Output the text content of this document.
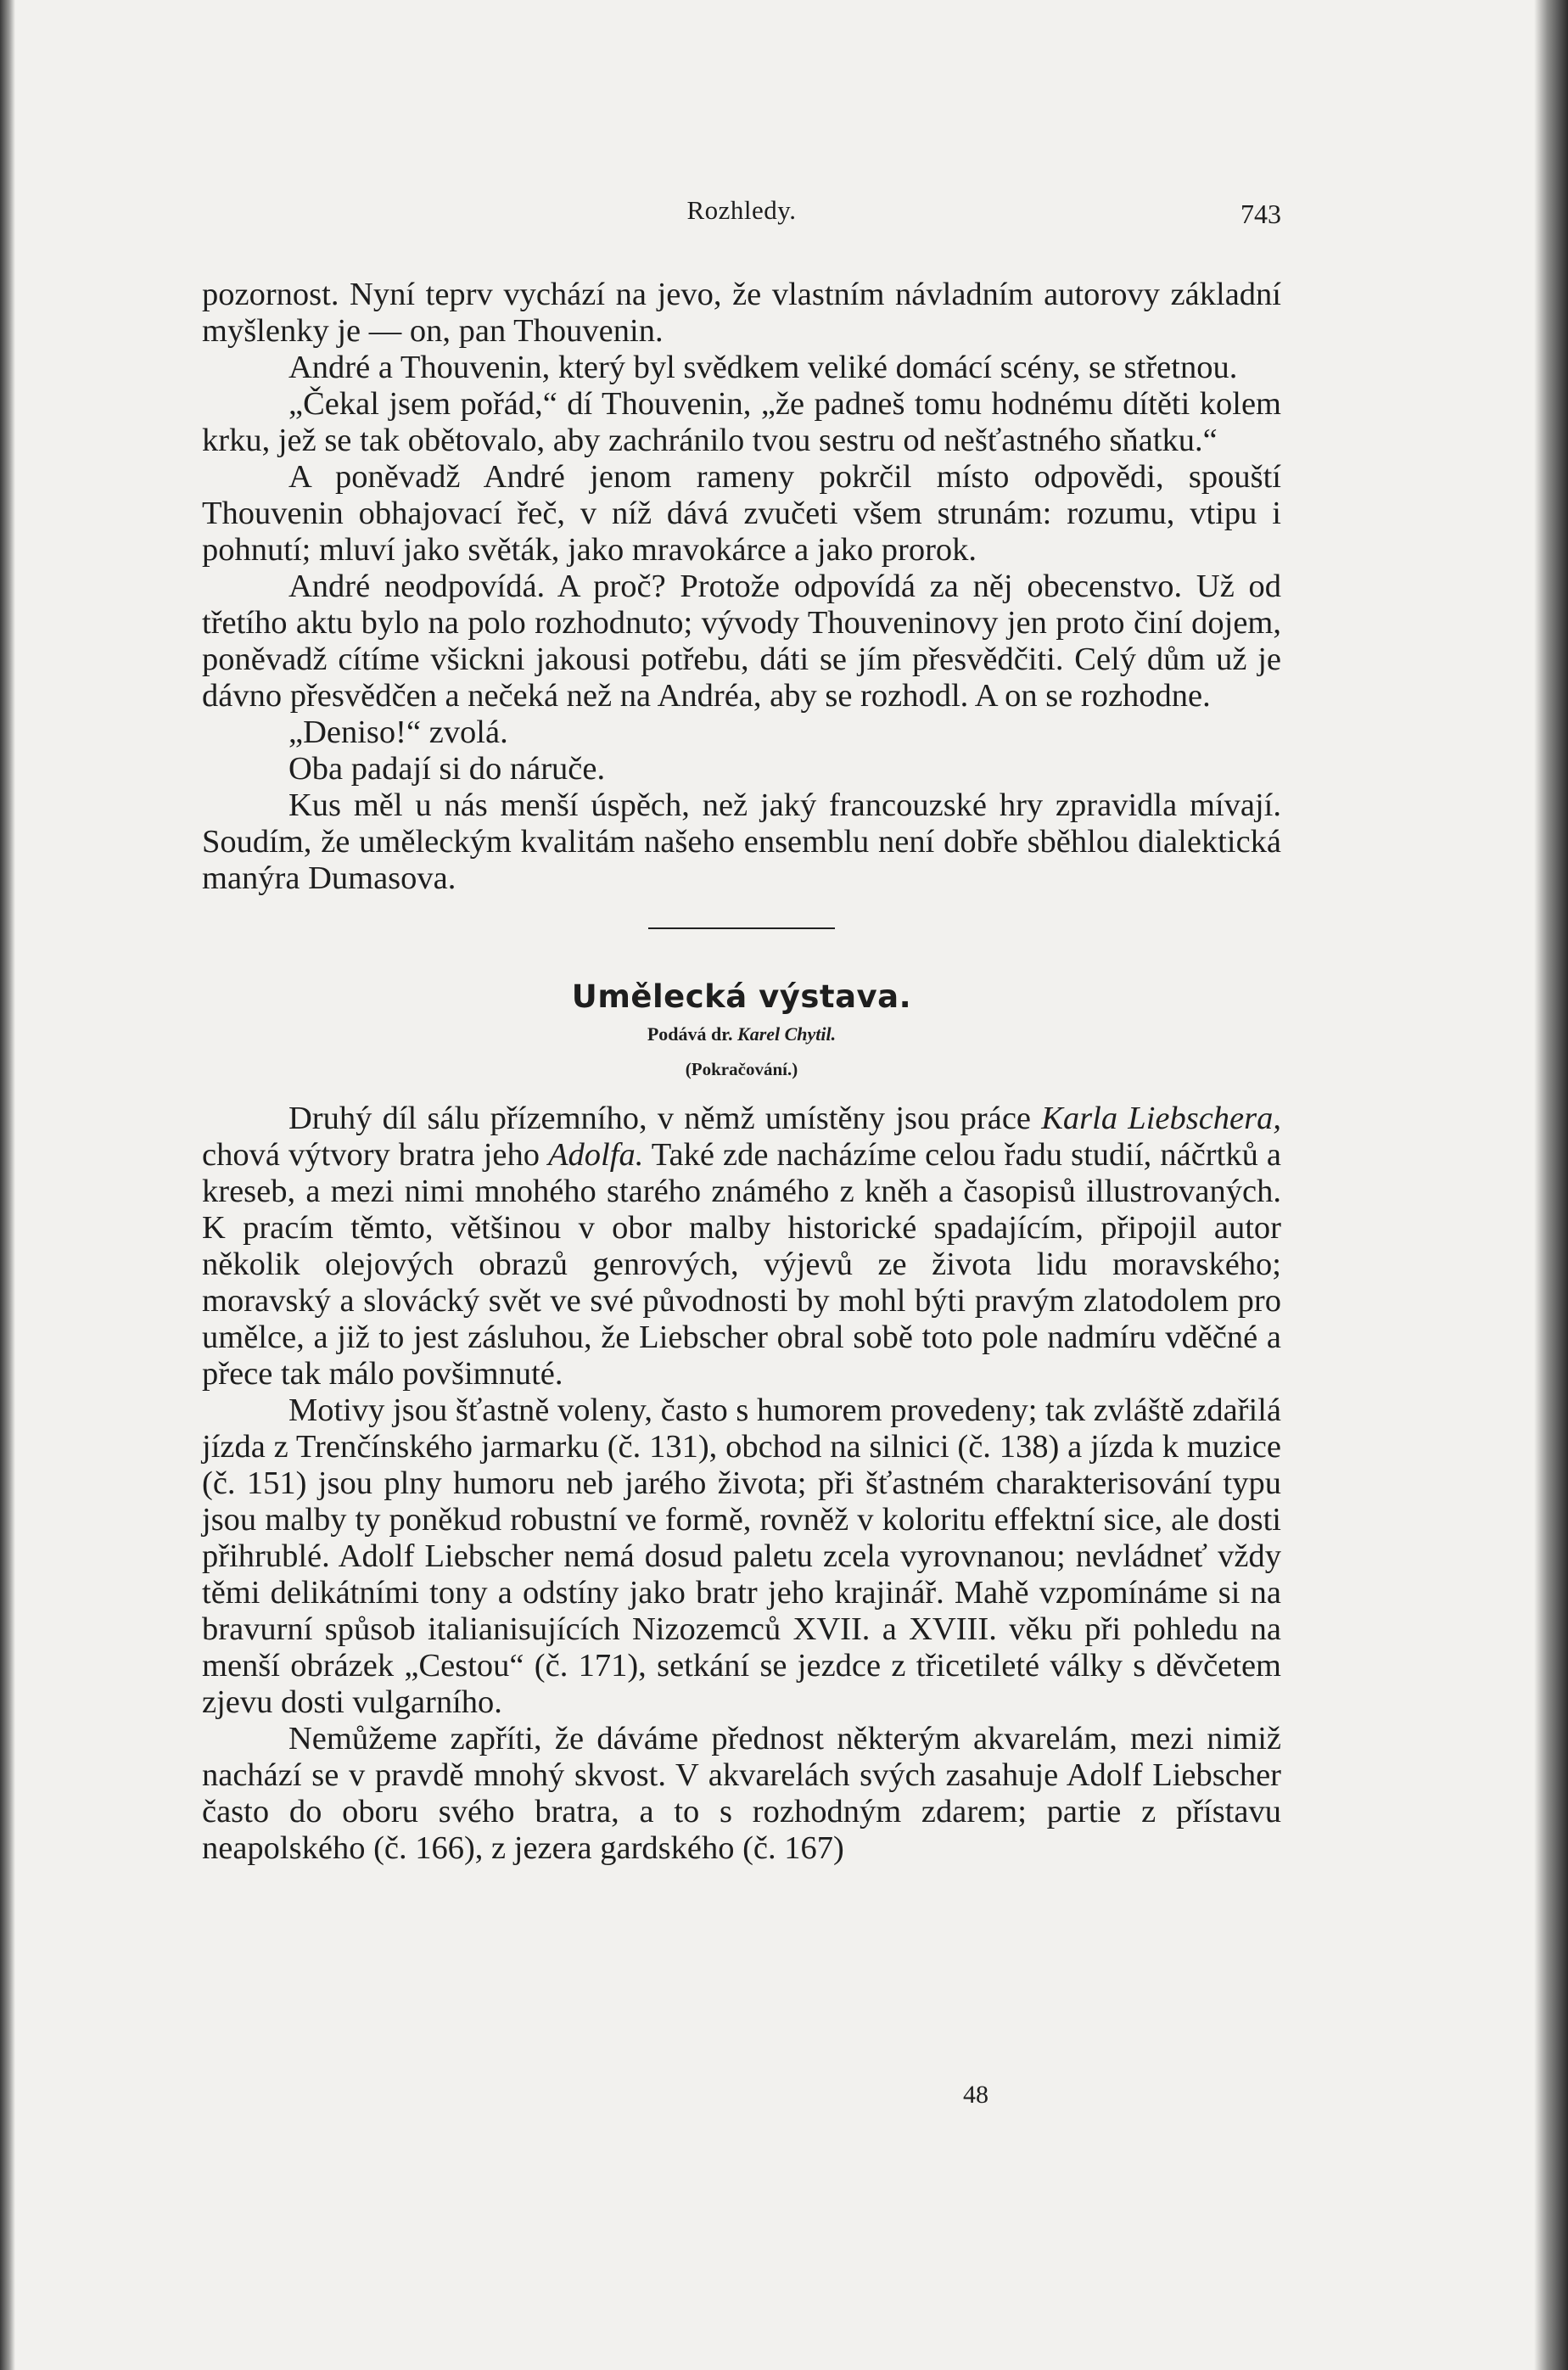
Rozhledy.	743

pozornost. Nyní teprv vychází na jevo, že vlastním návladním autorovy základní myšlenky je — on, pan Thouvenin.

André a Thouvenin, který byl svědkem veliké domácí scény, se střetnou.

„Čekal jsem pořád,“ dí Thouvenin, „že padneš tomu hodnému dítěti kolem krku, jež se tak obětovalo, aby zachránilo tvou sestru od nešťastného sňatku.“

A poněvadž André jenom rameny pokrčil místo odpovědi, spouští Thouvenin obhajovací řeč, v níž dává zvučeti všem strunám: rozumu, vtipu i pohnutí; mluví jako světák, jako mravokárce a jako prorok.

André neodpovídá. A proč? Protože odpovídá za něj obecenstvo. Už od třetího aktu bylo na polo rozhodnuto; vývody Thouveninovy jen proto činí dojem, poněvadž cítíme všickni jakousi potřebu, dáti se jím přesvědčiti. Celý dům už je dávno přesvědčen a nečeká než na Andréa, aby se rozhodl. A on se rozhodne.

„Deniso!“ zvolá.

Oba padají si do náruče.

Kus měl u nás menší úspěch, než jaký francouzské hry zpravidla mívají. Soudím, že uměleckým kvalitám našeho ensemblu není dobře sběhlou dialektická manýra Dumasova.

Umělecká výstava.
Podává dr. Karel Chytil.
(Pokračování.)

Druhý díl sálu přízemního, v němž umístěny jsou práce Karla Liebschera, chová výtvory bratra jeho Adolfa. Také zde nacházíme celou řadu studií, náčrtků a kreseb, a mezi nimi mnohého starého známého z kněh a časopisů illustrovaných. K pracím těmto, většinou v obor malby historické spadajícím, připojil autor několik olejových obrazů genrových, výjevů ze života lidu moravského; moravský a slovácký svět ve své původnosti by mohl býti pravým zlatodolem pro umělce, a již to jest zásluhou, že Liebscher obral sobě toto pole nadmíru vděčné a přece tak málo povšimnuté.

Motivy jsou šťastně voleny, často s humorem provedeny; tak zvláště zdařilá jízda z Trenčínského jarmarku (č. 131), obchod na silnici (č. 138) a jízda k muzice (č. 151) jsou plny humoru neb jarého života; při šťastném charakterisování typu jsou malby ty poněkud robustní ve formě, rovněž v koloritu effektní sice, ale dosti přihrublé. Adolf Liebscher nemá dosud paletu zcela vyrovnanou; nevládneť vždy těmi delikátními tony a odstíny jako bratr jeho krajinář. Mahě vzpomínáme si na bravurní spůsob italianisujících Nizozemců XVII. a XVIII. věku při pohledu na menší obrázek „Cestou“ (č. 171), setkání se jezdce z třicetileté války s děvčetem zjevu dosti vulgarního.

Nemůžeme zapříti, že dáváme přednost některým akvarelám, mezi nimiž nachází se v pravdě mnohý skvost. V akvarelách svých zasahuje Adolf Liebscher často do oboru svého bratra, a to s rozhodným zdarem; partie z přístavu neapolského (č. 166), z jezera gardského (č. 167)

48
